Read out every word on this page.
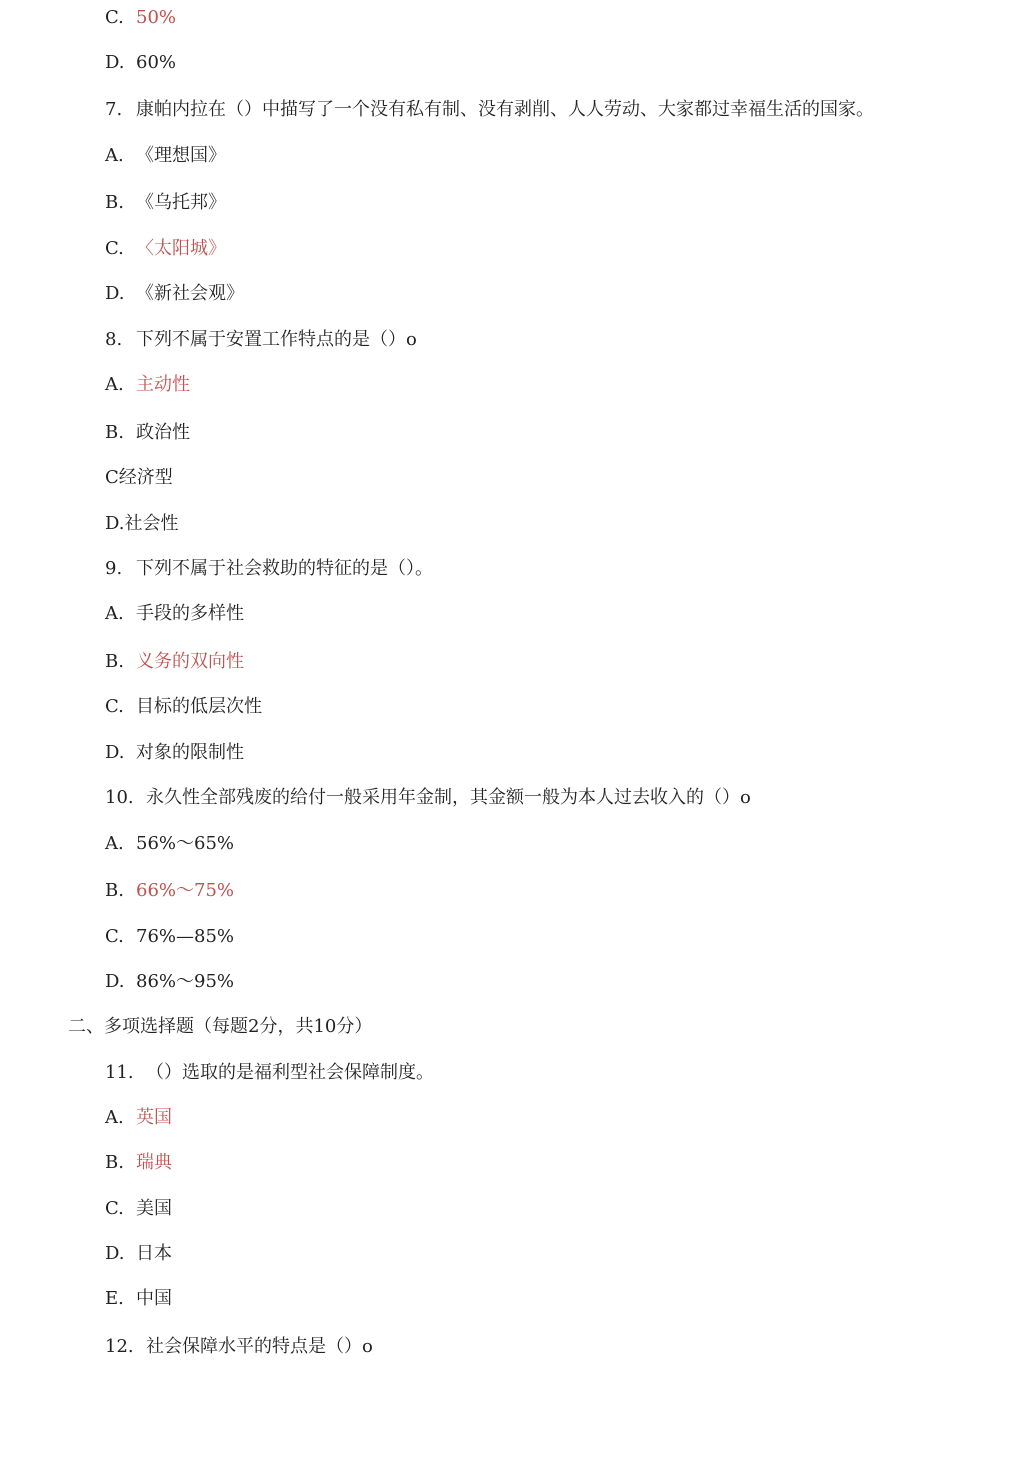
C. 50%
D. 60%
7. 康帕内拉在（）中描写了一个没有私有制、没有剥削、人人劳动、大家都过幸福生活的国家。
A. 《理想国》
B. 《乌托邦》
C. 〈太阳城》
D. 《新社会观》
8. 下列不属于安置工作特点的是（）o
A. 主动性
B. 政治性
C经济型
D.社会性
9. 下列不属于社会救助的特征的是（）。
A. 手段的多样性
B. 义务的双向性
C. 目标的低层次性
D. 对象的限制性
10. 永久性全部残废的给付一般采用年金制，其金额一般为本人过去收入的（）o
A. 56%〜65%
B. 66%〜75%
C. 76%—85%
D. 86%〜95%
二、多项选择题（每题2分，共10分）
11. （）选取的是福利型社会保障制度。
A. 英国
B. 瑞典
C. 美国
D. 日本
E. 中国
12. 社会保障水平的特点是（）o
